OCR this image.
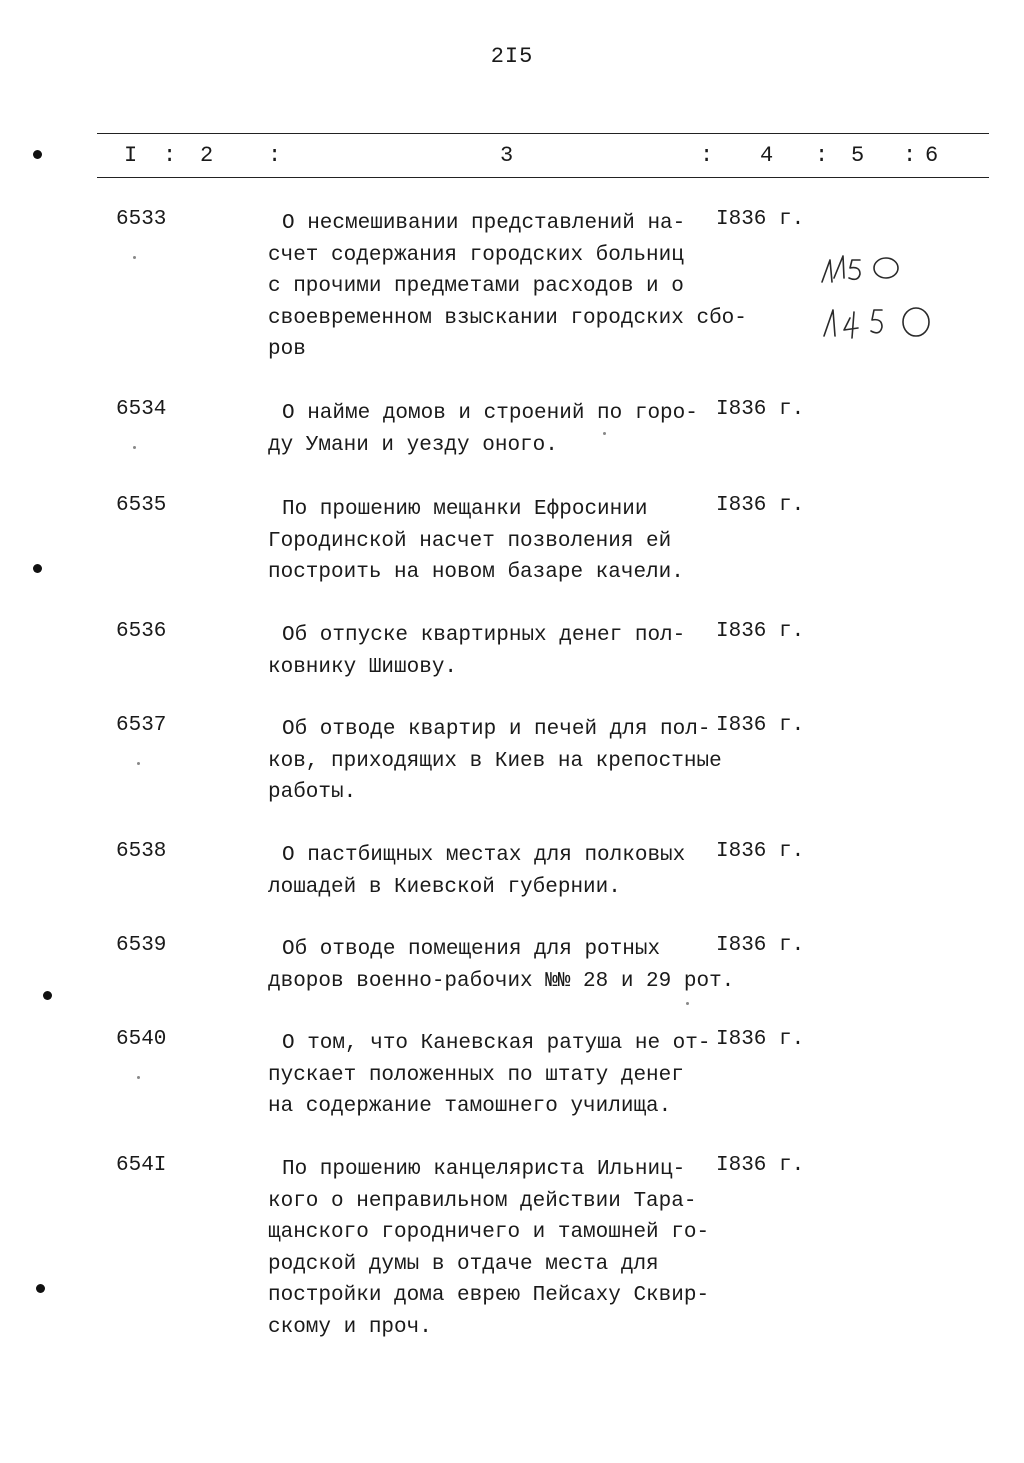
2I5
I : 2 :	3	: 4 : 5 : 6
6533	О несмешивании представлений на-
счет содержания городских больниц
с прочими предметами расходов и о
своевременном взыскании городских сбо-
ров
I836 г.
6534	О найме домов и строений по горо-
ду Умани и уезду оного.
I836 г.
6535	По прошению мещанки Ефросинии
Городинской насчет позволения ей
построить на новом базаре качели.
I836 г.
6536	Об отпуске квартирных денег пол-
ковнику Шишову.
I836 г.
6537	Об отводе квартир и печей для пол-
ков, приходящих в Киев на крепостные
работы.
I836 г.
6538	О пастбищных местах для полковых
лошадей в Киевской губернии.
I836 г.
6539	Об отводе помещения для ротных
дворов военно-рабочих №№ 28 и 29 рот.
I836 г.
6540	О том, что Каневская ратуша не от-
пускает положенных по штату денег
на содержание тамошнего училища.
I836 г.
654I	По прошению канцеляриста Ильниц-
кого о неправильном действии Тара-
щанского городничего и тамошней го-
родской думы в отдаче места для
постройки дома еврею Пейсаху Сквир-
скому и проч.
I836 г.
